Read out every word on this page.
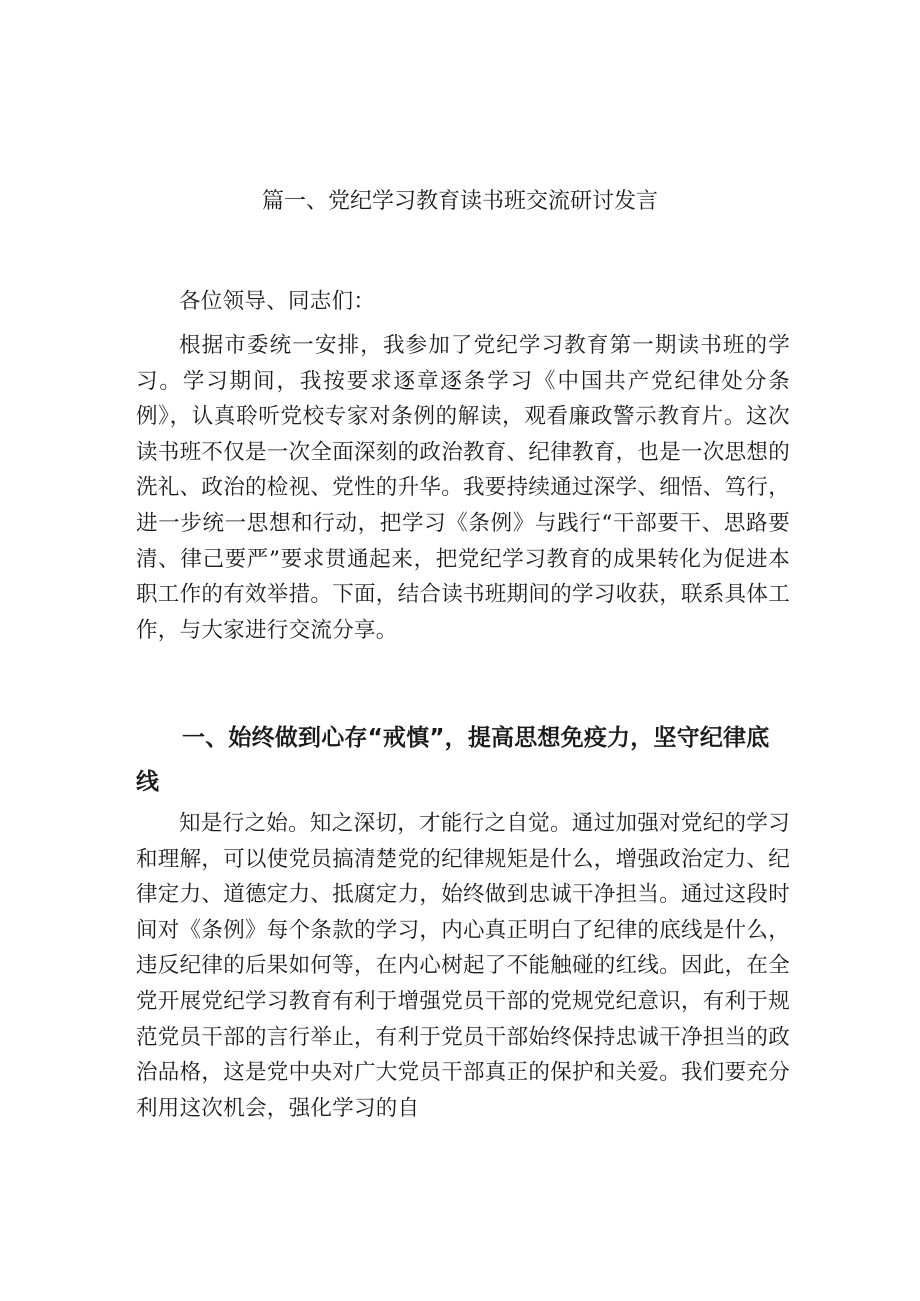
篇一、党纪学习教育读书班交流研讨发言

各位领导、同志们：

根据市委统一安排，我参加了党纪学习教育第一期读书班的学习。学习期间，我按要求逐章逐条学习《中国共产党纪律处分条例》，认真聆听党校专家对条例的解读，观看廉政警示教育片。这次读书班不仅是一次全面深刻的政治教育、纪律教育，也是一次思想的洗礼、政治的检视、党性的升华。我要持续通过深学、细悟、笃行，进一步统一思想和行动，把学习《条例》与践行“干部要干、思路要清、律己要严”要求贯通起来，把党纪学习教育的成果转化为促进本职工作的有效举措。下面，结合读书班期间的学习收获，联系具体工作，与大家进行交流分享。

一、始终做到心存“戒慎”，提高思想免疫力，坚守纪律底线

知是行之始。知之深切，才能行之自觉。通过加强对党纪的学习和理解，可以使党员搞清楚党的纪律规矩是什么，增强政治定力、纪律定力、道德定力、抵腐定力，始终做到忠诚干净担当。通过这段时间对《条例》每个条款的学习，内心真正明白了纪律的底线是什么，违反纪律的后果如何等，在内心树起了不能触碰的红线。因此，在全党开展党纪学习教育有利于增强党员干部的党规党纪意识，有利于规范党员干部的言行举止，有利于党员干部始终保持忠诚干净担当的政治品格，这是党中央对广大党员干部真正的保护和关爱。我们要充分利用这次机会，强化学习的自
